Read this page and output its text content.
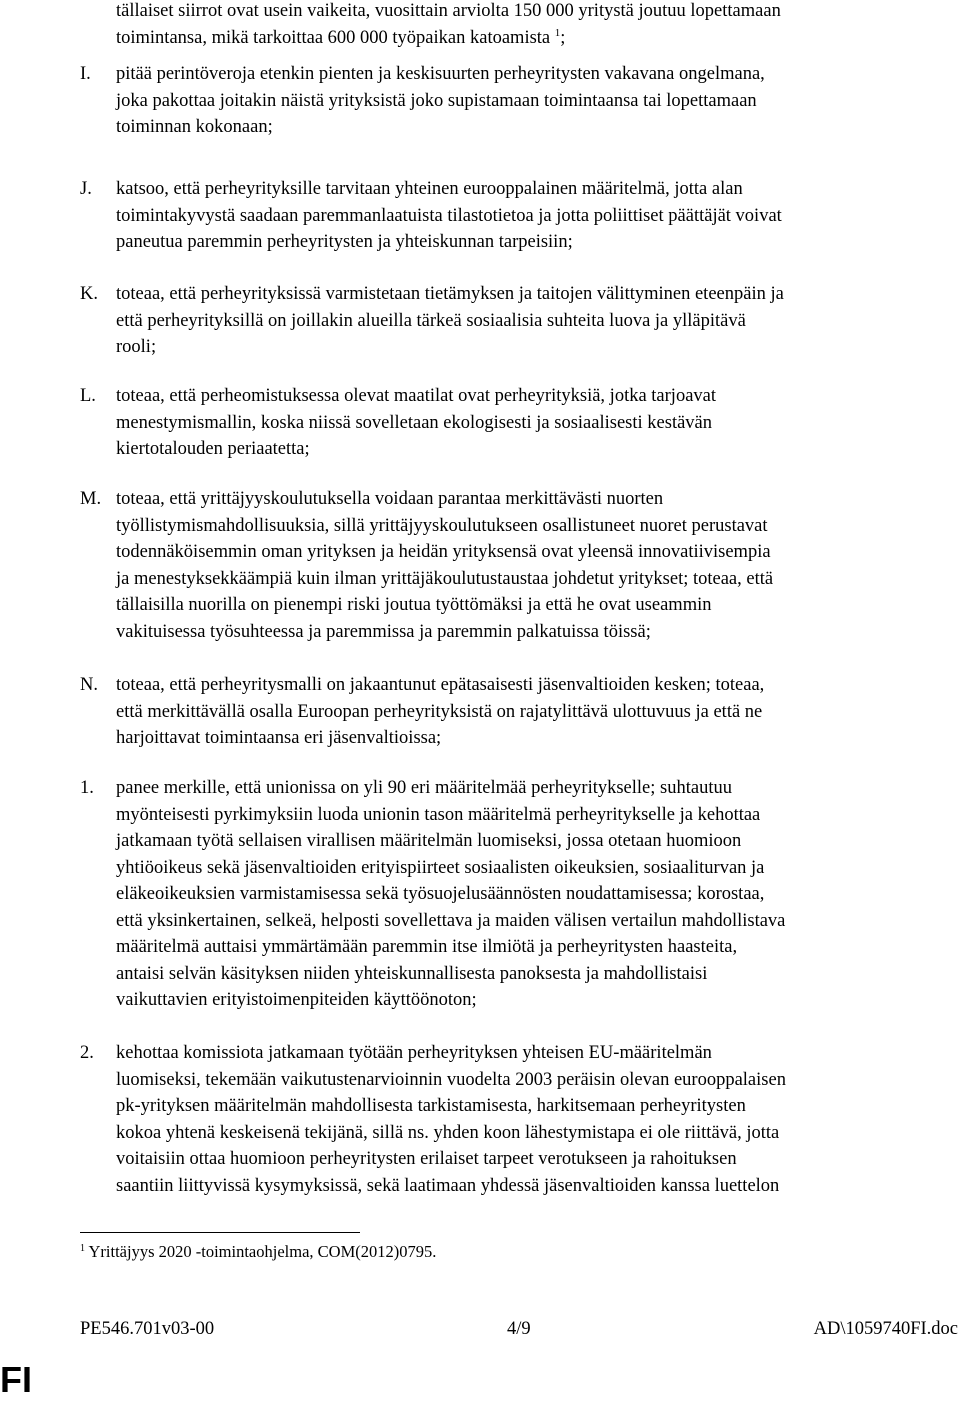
tällaiset siirrot ovat usein vaikeita, vuosittain arviolta 150 000 yritystä joutuu lopettamaan
toimintansa, mikä tarkoittaa 600 000 työpaikan katoamista $^1$;
I. pitää perintöveroja etenkin pienten ja keskisuurten perheyritysten vakavana ongelmana,
joka pakottaa joitakin näistä yrityksistä joko supistamaan toimintaansa tai lopettamaan
toiminnan kokonaan;
J. katsoo, että perheyrityksille tarvitaan yhteinen eurooppalainen määritelmä, jotta alan
toimintakyvystä saadaan paremmanlaatuista tilastotietoa ja jotta poliittiset päättäjät voivat
paneutua paremmin perheyritysten ja yhteiskunnan tarpeisiin;
K. toteaa, että perheyrityksissä varmistetaan tietämyksen ja taitojen välittyminen eteenpäin ja
että perheyrityksillä on joillakin alueilla tärkeä sosiaalisia suhteita luova ja ylläpitävä
rooli;
L. toteaa, että perheomistuksessa olevat maatilat ovat perheyrityksiä, jotka tarjoavat
menestymismallin, koska niissä sovelletaan ekologisesti ja sosiaalisesti kestävän
kiertotalouden periaatetta;
M. toteaa, että yrittäjyyskoulutuksella voidaan parantaa merkittävästi nuorten
työllistymismahdollisuuksia, sillä yrittäjyyskoulutukseen osallistuneet nuoret perustavat
todennäköisemmin oman yrityksen ja heidän yrityksensä ovat yleensä innovatiivisempia
ja menestyksekkäämpiä kuin ilman yrittäjäkoulutustaustaa johdetut yritykset; toteaa, että
tällaisilla nuorilla on pienempi riski joutua työttömäksi ja että he ovat useammin
vakituisessa työsuhteessa ja paremmissa ja paremmin palkatuissa töissä;
N. toteaa, että perheyritysmalli on jakaantunut epätasaisesti jäsenvaltioiden kesken; toteaa,
että merkittävällä osalla Euroopan perheyrityksistä on rajatylittävä ulottuvuus ja että ne
harjoittavat toimintaansa eri jäsenvaltioissa;
1. panee merkille, että unionissa on yli 90 eri määritelmää perheyritykselle; suhtautuu
myönteisesti pyrkimyksiin luoda unionin tason määritelmä perheyritykselle ja kehottaa
jatkamaan työtä sellaisen virallisen määritelmän luomiseksi, jossa otetaan huomioon
yhtiöoikeus sekä jäsenvaltioiden erityispiirteet sosiaalisten oikeuksien, sosiaaliturvan ja
eläkeoikeuksien varmistamisessa sekä työsuojelusäännösten noudattamisessa; korostaa,
että yksinkertainen, selkeä, helposti sovellettava ja maiden välisen vertailun mahdollistava
määritelmä auttaisi ymmärtämään paremmin itse ilmiötä ja perheyritysten haasteita,
antaisi selvän käsityksen niiden yhteiskunnallisesta panoksesta ja mahdollistaisi
vaikuttavien erityistoimenpiteiden käyttöönoton;
2. kehottaa komissiota jatkamaan työtään perheyrityksen yhteisen EU-määritelmän
luomiseksi, tekemään vaikutustenarvioinnin vuodelta 2003 peräisin olevan eurooppalaisen
pk-yrityksen määritelmän mahdollisesta tarkistamisesta, harkitsemaan perheyritysten
kokoa yhtenä keskeisenä tekijänä, sillä ns. yhden koon lähestymistapa ei ole riittävä, jotta
voitaisiin ottaa huomioon perheyritysten erilaiset tarpeet verotukseen ja rahoituksen
saantiin liittyvissä kysymyksissä, sekä laatimaan yhdessä jäsenvaltioiden kanssa luettelon
$^1$ Yrittäjyys 2020 -toimintaohjelma, COM(2012)0795.
PE546.701v03-00	4/9	AD\1059740FI.doc
FI
